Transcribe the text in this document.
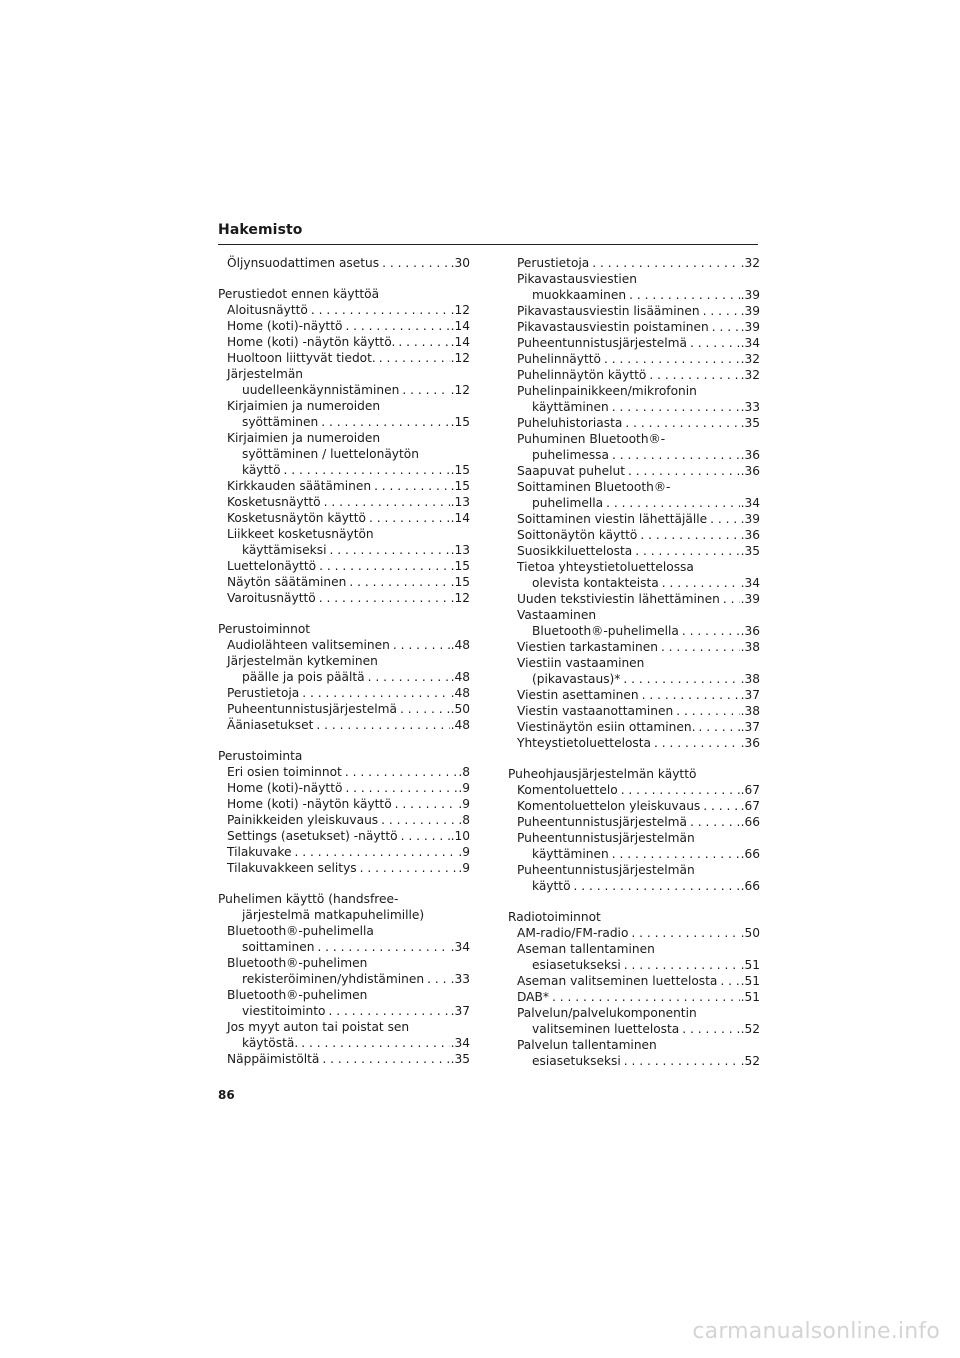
Hakemisto
Öljynsuodattimen asetus . . .	.30
Perustiedot ennen käyttöä
Aloitusnäyttö . . .	.12
Home (koti)-näyttö . . .	.14
Home (koti) -näytön käyttö. . . .	.14
Huoltoon liittyvät tiedot. . . .	.12
Järjestelmän
uudelleenkäynnistäminen . . .	.12
Kirjaimien ja numeroiden
syöttäminen . . .	.15
Kirjaimien ja numeroiden
syöttäminen / luettelonäytön
käyttö . . .	.15
Kirkkauden säätäminen . . .	.15
Kosketusnäyttö . . .	.13
Kosketusnäytön käyttö . . .	.14
Liikkeet kosketusnäytön
käyttämiseksi . . .	.13
Luettelonäyttö . . .	.15
Näytön säätäminen . . .	.15
Varoitusnäyttö . . .	.12
Perustoiminnot
Audiolähteen valitseminen . . .	.48
Järjestelmän kytkeminen
päälle ja pois päältä . . .	.48
Perustietoja . . .	.48
Puheentunnistusjärjestelmä . . .	.50
Ääniasetukset . . .	.48
Perustoiminta
Eri osien toiminnot . . .	.8
Home (koti)-näyttö . . .	.9
Home (koti) -näytön käyttö . . .	.9
Painikkeiden yleiskuvaus . . .	.8
Settings (asetukset) -näyttö . . .	.10
Tilakuvake . . .	.9
Tilakuvakkeen selitys . . .	.9
Puhelimen käyttö (handsfree-
järjestelmä matkapuhelimille)
Bluetooth®-puhelimella
soittaminen . . .	.34
Bluetooth®-puhelimen
rekisteröiminen/yhdistäminen . . . .33
Bluetooth®-puhelimen
viestitoiminto . . .	.37
Jos myyt auton tai poistat sen
käytöstä. . . .	.34
Näppäimistöltä . . .	.35
Perustietoja . . .	.32
Pikavastausviestien
muokkaaminen . . .	.39
Pikavastausviestin lisääminen . . .	.39
Pikavastausviestin poistaminen . . .	.39
Puheentunnistusjärjestelmä . . .	.34
Puhelinnäyttö . . .	.32
Puhelinnäytön käyttö . . .	.32
Puhelinpainikkeen/mikrofonin
käyttäminen . . .	.33
Puheluhistoriasta . . .	.35
Puhuminen Bluetooth®-
puhelimessa . . .	.36
Saapuvat puhelut . . .	.36
Soittaminen Bluetooth®-
puhelimella . . .	.34
Soittaminen viestin lähettäjälle . . .	.39
Soittonäytön käyttö . . .	.36
Suosikkiluettelosta . . .	.35
Tietoa yhteystietoluettelossa
olevista kontakteista . . .	.34
Uuden tekstiviestin lähettäminen . . . .39
Vastaaminen
Bluetooth®-puhelimella . . .	.36
Viestien tarkastaminen . . .	.38
Viestiin vastaaminen
(pikavastaus)* . . .	.38
Viestin asettaminen . . .	.37
Viestin vastaanottaminen . . .	.38
Viestinäytön esiin ottaminen. . . .	.37
Yhteystietoluettelosta . . .	.36
Puheohjausjärjestelmän käyttö
Komentoluettelo . . .	.67
Komentoluettelon yleiskuvaus . . .	.67
Puheentunnistusjärjestelmä . . .	.66
Puheentunnistusjärjestelmän
käyttäminen . . .	.66
Puheentunnistusjärjestelmän
käyttö . . .	.66
Radiotoiminnot
AM-radio/FM-radio . . .	.50
Aseman tallentaminen
esiasetukseksi . . .	.51
Aseman valitseminen luettelosta . . . .51
DAB* . . .	.51
Palvelun/palvelukomponentin
valitseminen luettelosta . . .	.52
Palvelun tallentaminen
esiasetukseksi . . .	.52
86
carmanualsonline.info
